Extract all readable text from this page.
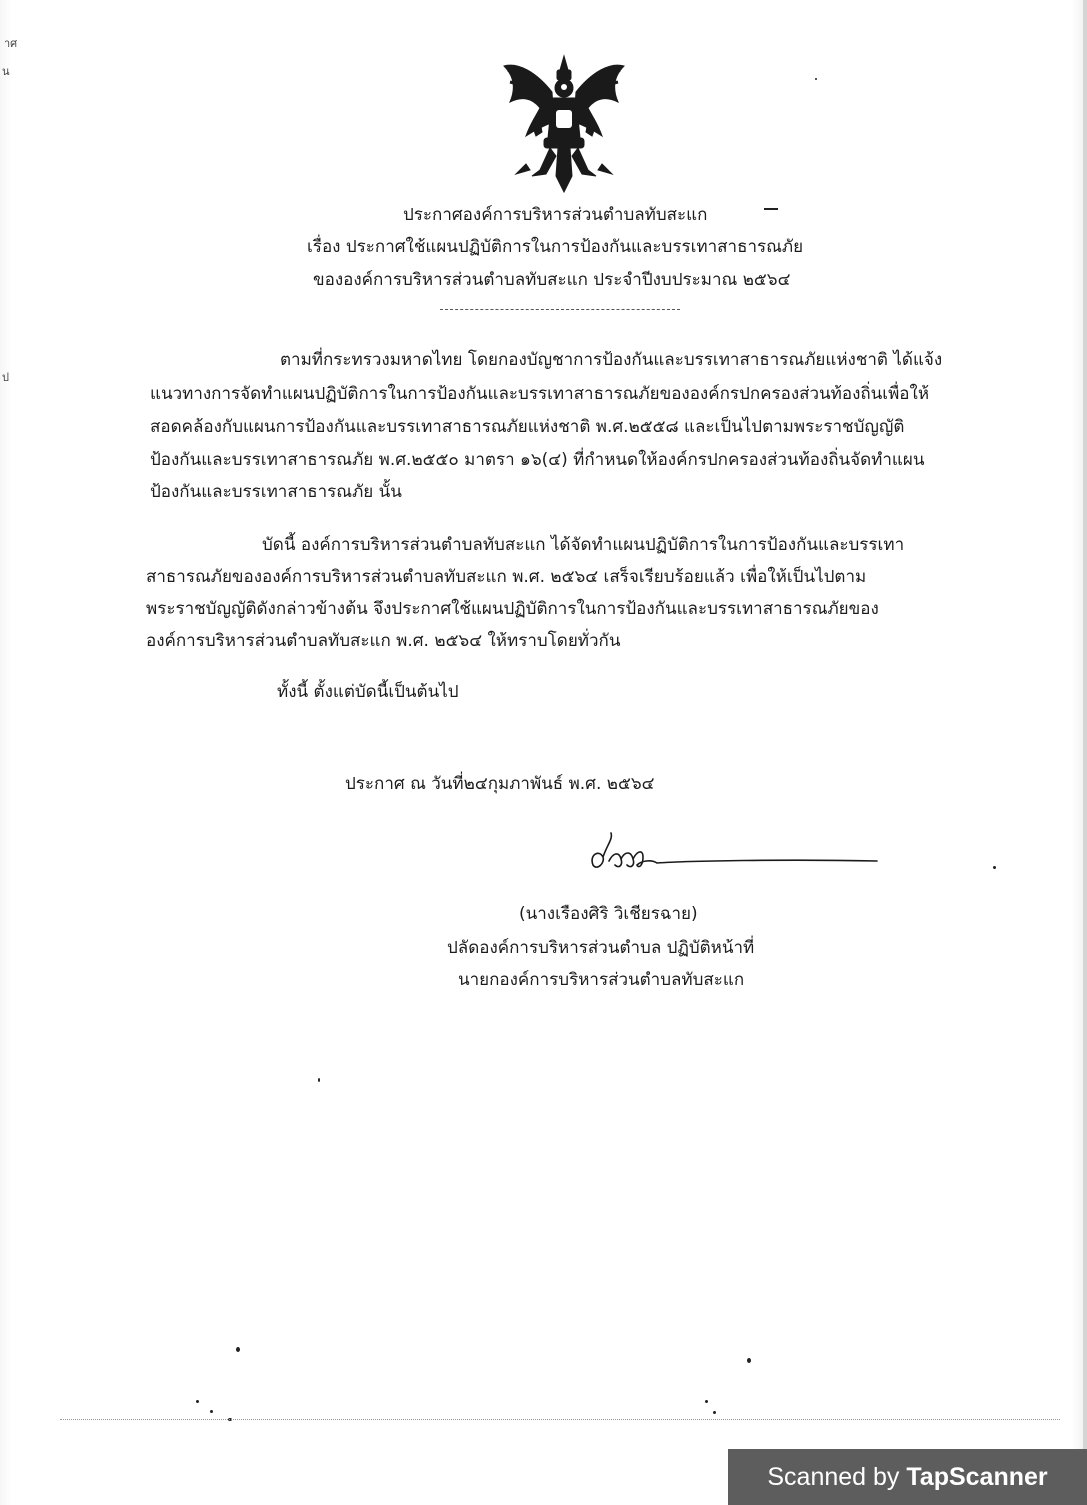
าศ
น
ป
ประกาศองค์การบริหารส่วนตำบลทับสะแก
เรื่อง ประกาศใช้แผนปฏิบัติการในการป้องกันและบรรเทาสาธารณภัย
ขององค์การบริหารส่วนตำบลทับสะแก ประจำปีงบประมาณ ๒๕๖๔
ตามที่กระทรวงมหาดไทย โดยกองบัญชาการป้องกันและบรรเทาสาธารณภัยแห่งชาติ ได้แจ้ง
แนวทางการจัดทำแผนปฏิบัติการในการป้องกันและบรรเทาสาธารณภัยขององค์กรปกครองส่วนท้องถิ่นเพื่อให้
สอดคล้องกับแผนการป้องกันและบรรเทาสาธารณภัยแห่งชาติ พ.ศ.๒๕๕๘ และเป็นไปตามพระราชบัญญัติ
ป้องกันและบรรเทาสาธารณภัย พ.ศ.๒๕๕๐ มาตรา ๑๖(๔) ที่กำหนดให้องค์กรปกครองส่วนท้องถิ่นจัดทำแผน
ป้องกันและบรรเทาสาธารณภัย นั้น
บัดนี้ องค์การบริหารส่วนตำบลทับสะแก ได้จัดทำแผนปฏิบัติการในการป้องกันและบรรเทา
สาธารณภัยขององค์การบริหารส่วนตำบลทับสะแก พ.ศ. ๒๕๖๔ เสร็จเรียบร้อยแล้ว เพื่อให้เป็นไปตาม
พระราชบัญญัติดังกล่าวข้างต้น จึงประกาศใช้แผนปฏิบัติการในการป้องกันและบรรเทาสาธารณภัยของ
องค์การบริหารส่วนตำบลทับสะแก พ.ศ. ๒๕๖๔ ให้ทราบโดยทั่วกัน
ทั้งนี้ ตั้งแต่บัดนี้เป็นต้นไป
ประกาศ ณ วันที่๒๔กุมภาพันธ์ พ.ศ. ๒๕๖๔
(นางเรืองศิริ วิเชียรฉาย)
ปลัดองค์การบริหารส่วนตำบล ปฏิบัติหน้าที่
นายกองค์การบริหารส่วนตำบลทับสะแก
Scanned by TapScanner
